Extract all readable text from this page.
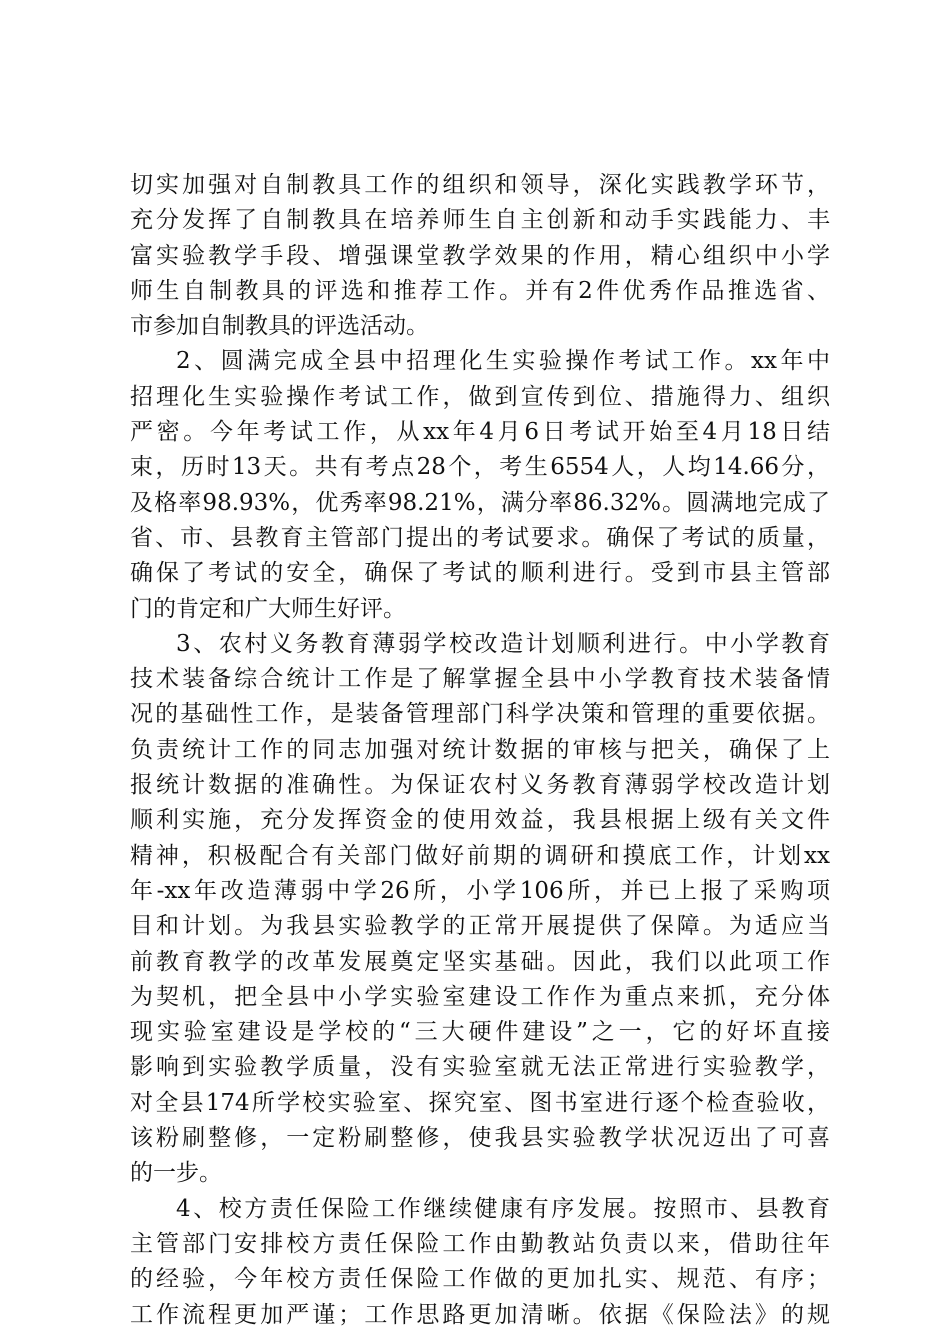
切实加强对自制教具工作的组织和领导，深化实践教学环节，
充分发挥了自制教具在培养师生自主创新和动手实践能力、丰
富实验教学手段、增强课堂教学效果的作用，精心组织中小学
师生自制教具的评选和推荐工作。并有2件优秀作品推选省、
市参加自制教具的评选活动。
2、圆满完成全县中招理化生实验操作考试工作。xx年中
招理化生实验操作考试工作，做到宣传到位、措施得力、组织
严密。今年考试工作，从xx年4月6日考试开始至4月18日结
束，历时13天。共有考点28个，考生6554人，人均14.66分，
及格率98.93%，优秀率98.21%，满分率86.32%。圆满地完成了
省、市、县教育主管部门提出的考试要求。确保了考试的质量，
确保了考试的安全，确保了考试的顺利进行。受到市县主管部
门的肯定和广大师生好评。
3、农村义务教育薄弱学校改造计划顺利进行。中小学教育
技术装备综合统计工作是了解掌握全县中小学教育技术装备情
况的基础性工作，是装备管理部门科学决策和管理的重要依据。
负责统计工作的同志加强对统计数据的审核与把关，确保了上
报统计数据的准确性。为保证农村义务教育薄弱学校改造计划
顺利实施，充分发挥资金的使用效益，我县根据上级有关文件
精神，积极配合有关部门做好前期的调研和摸底工作，计划xx
年-xx年改造薄弱中学26所，小学106所，并已上报了采购项
目和计划。为我县实验教学的正常开展提供了保障。为适应当
前教育教学的改革发展奠定坚实基础。因此，我们以此项工作
为契机，把全县中小学实验室建设工作作为重点来抓，充分体
现实验室建设是学校的“三大硬件建设”之一，它的好坏直接
影响到实验教学质量，没有实验室就无法正常进行实验教学，
对全县174所学校实验室、探究室、图书室进行逐个检查验收，
该粉刷整修，一定粉刷整修，使我县实验教学状况迈出了可喜
的一步。
4、校方责任保险工作继续健康有序发展。按照市、县教育
主管部门安排校方责任保险工作由勤教站负责以来，借助往年
的经验，今年校方责任保险工作做的更加扎实、规范、有序；
工作流程更加严谨；工作思路更加清晰。依据《保险法》的规
